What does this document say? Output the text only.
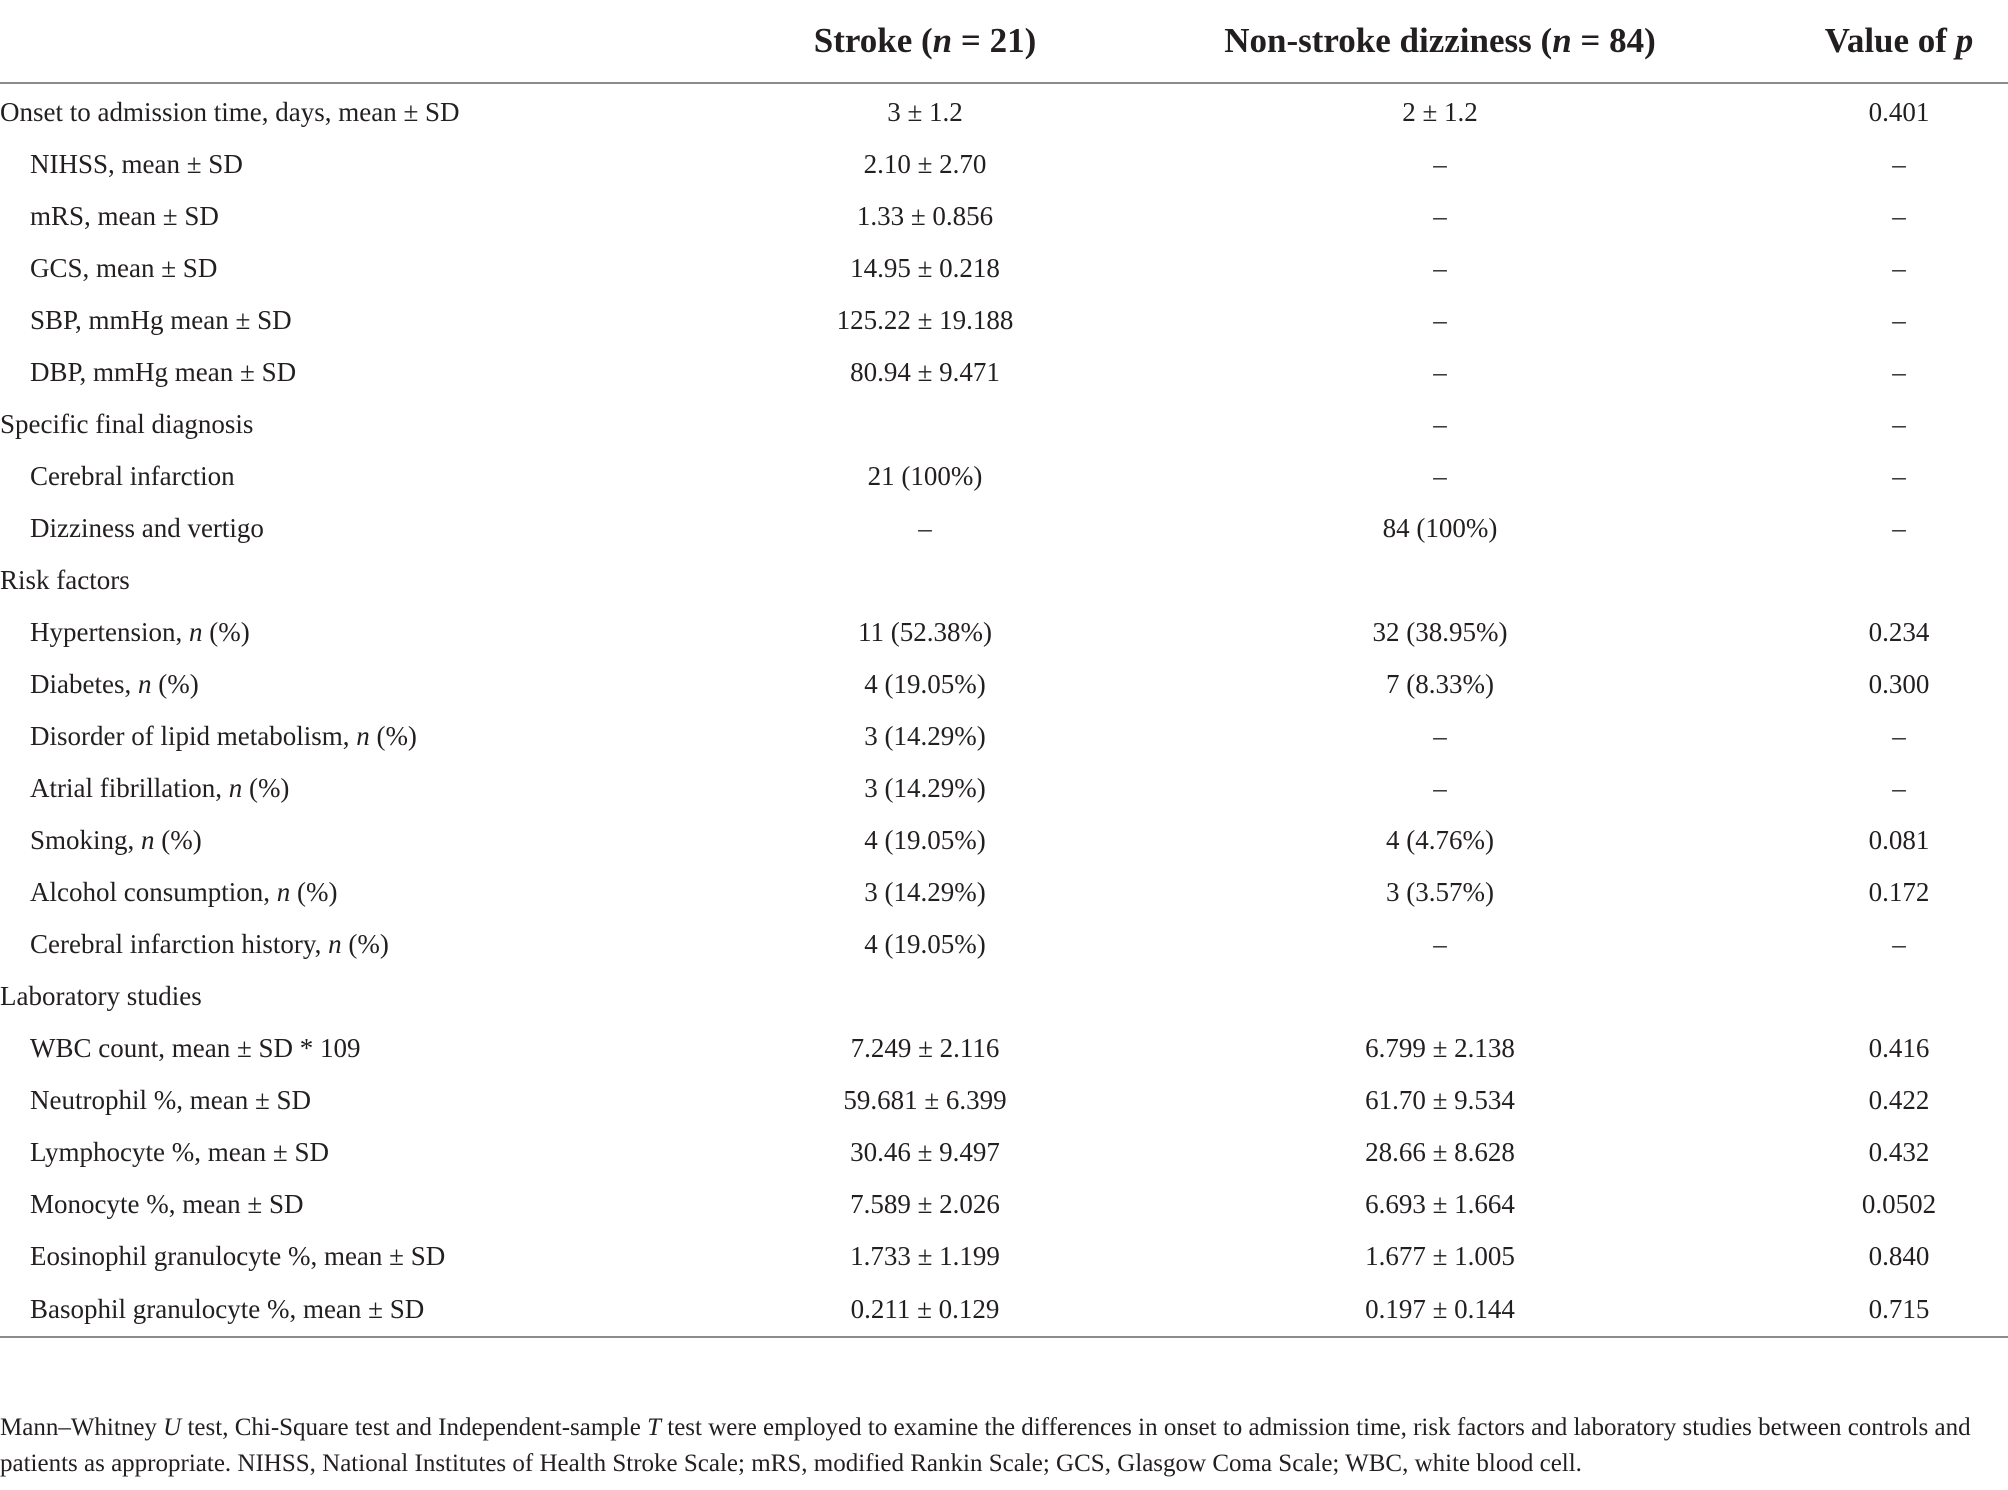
	Stroke (n = 21)	Non-stroke dizziness (n = 84)	Value of p
Onset to admission time, days, mean ± SD	3 ± 1.2	2 ± 1.2	0.401
NIHSS, mean ± SD	2.10 ± 2.70	–	–
mRS, mean ± SD	1.33 ± 0.856	–	–
GCS, mean ± SD	14.95 ± 0.218	–	–
SBP, mmHg mean ± SD	125.22 ± 19.188	–	–
DBP, mmHg mean ± SD	80.94 ± 9.471	–	–
Specific final diagnosis		–	–
Cerebral infarction	21 (100%)	–	–
Dizziness and vertigo	–	84 (100%)	–
Risk factors			
Hypertension, n (%)	11 (52.38%)	32 (38.95%)	0.234
Diabetes, n (%)	4 (19.05%)	7 (8.33%)	0.300
Disorder of lipid metabolism, n (%)	3 (14.29%)	–	–
Atrial fibrillation, n (%)	3 (14.29%)	–	–
Smoking, n (%)	4 (19.05%)	4 (4.76%)	0.081
Alcohol consumption, n (%)	3 (14.29%)	3 (3.57%)	0.172
Cerebral infarction history, n (%)	4 (19.05%)	–	–
Laboratory studies			
WBC count, mean ± SD * 109	7.249 ± 2.116	6.799 ± 2.138	0.416
Neutrophil %, mean ± SD	59.681 ± 6.399	61.70 ± 9.534	0.422
Lymphocyte %, mean ± SD	30.46 ± 9.497	28.66 ± 8.628	0.432
Monocyte %, mean ± SD	7.589 ± 2.026	6.693 ± 1.664	0.0502
Eosinophil granulocyte %, mean ± SD	1.733 ± 1.199	1.677 ± 1.005	0.840
Basophil granulocyte %, mean ± SD	0.211 ± 0.129	0.197 ± 0.144	0.715

Mann–Whitney U test, Chi-Square test and Independent-sample T test were employed to examine the differences in onset to admission time, risk factors and laboratory studies between controls and patients as appropriate. NIHSS, National Institutes of Health Stroke Scale; mRS, modified Rankin Scale; GCS, Glasgow Coma Scale; WBC, white blood cell.
